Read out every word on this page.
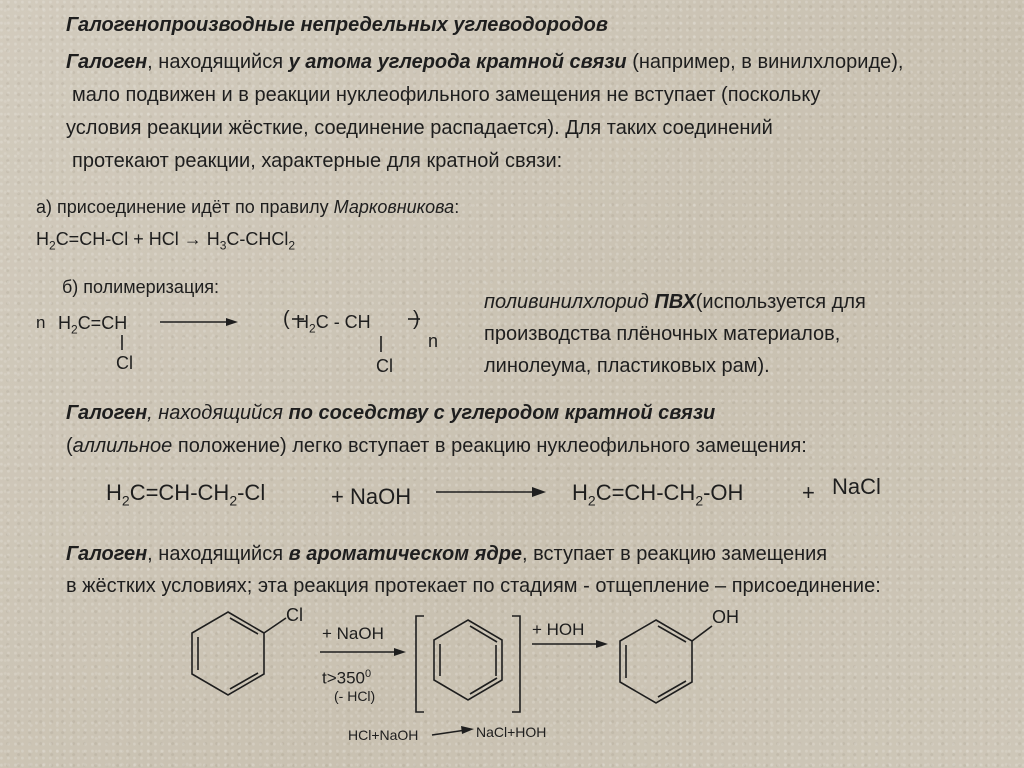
Галогенопроизводные непредельных углеводородов
Галоген, находящийся у атома углерода кратной связи (например, в винилхлориде),
мало подвижен и в реакции нуклеофильного замещения не вступает (поскольку
условия реакции жёсткие, соединение распадается). Для таких соединений
протекают реакции, характерные для кратной связи:
а) присоединение идёт по правилу Марковникова:
$H_2C=CH-Cl$ + HCl → $H_3C-CHCl_2$
б) полимеризация:
n $H_2C=CH$
Cl
( $H_2C$ - CH )
n
Cl
поливинилхлорид ПВХ(используется для
производства плёночных материалов,
линолеума, пластиковых рам).
Галоген, находящийся по соседству с углеродом кратной связи
(аллильное положение) легко вступает в реакцию нуклеофильного замещения:
$H_2C=CH-CH_2-Cl$	+ NaOH	$H_2C=CH-CH_2-OH$	+ NaCl
Галоген, находящийся в ароматическом ядре, вступает в реакцию замещения
в жёстких условиях; эта реакция протекает по стадиям - отщепление – присоединение:
Cl
+ NaOH
$t>350^0$
(- HCl)
+ HOH
OH
HCl+NaOH	NaCl+HOH
